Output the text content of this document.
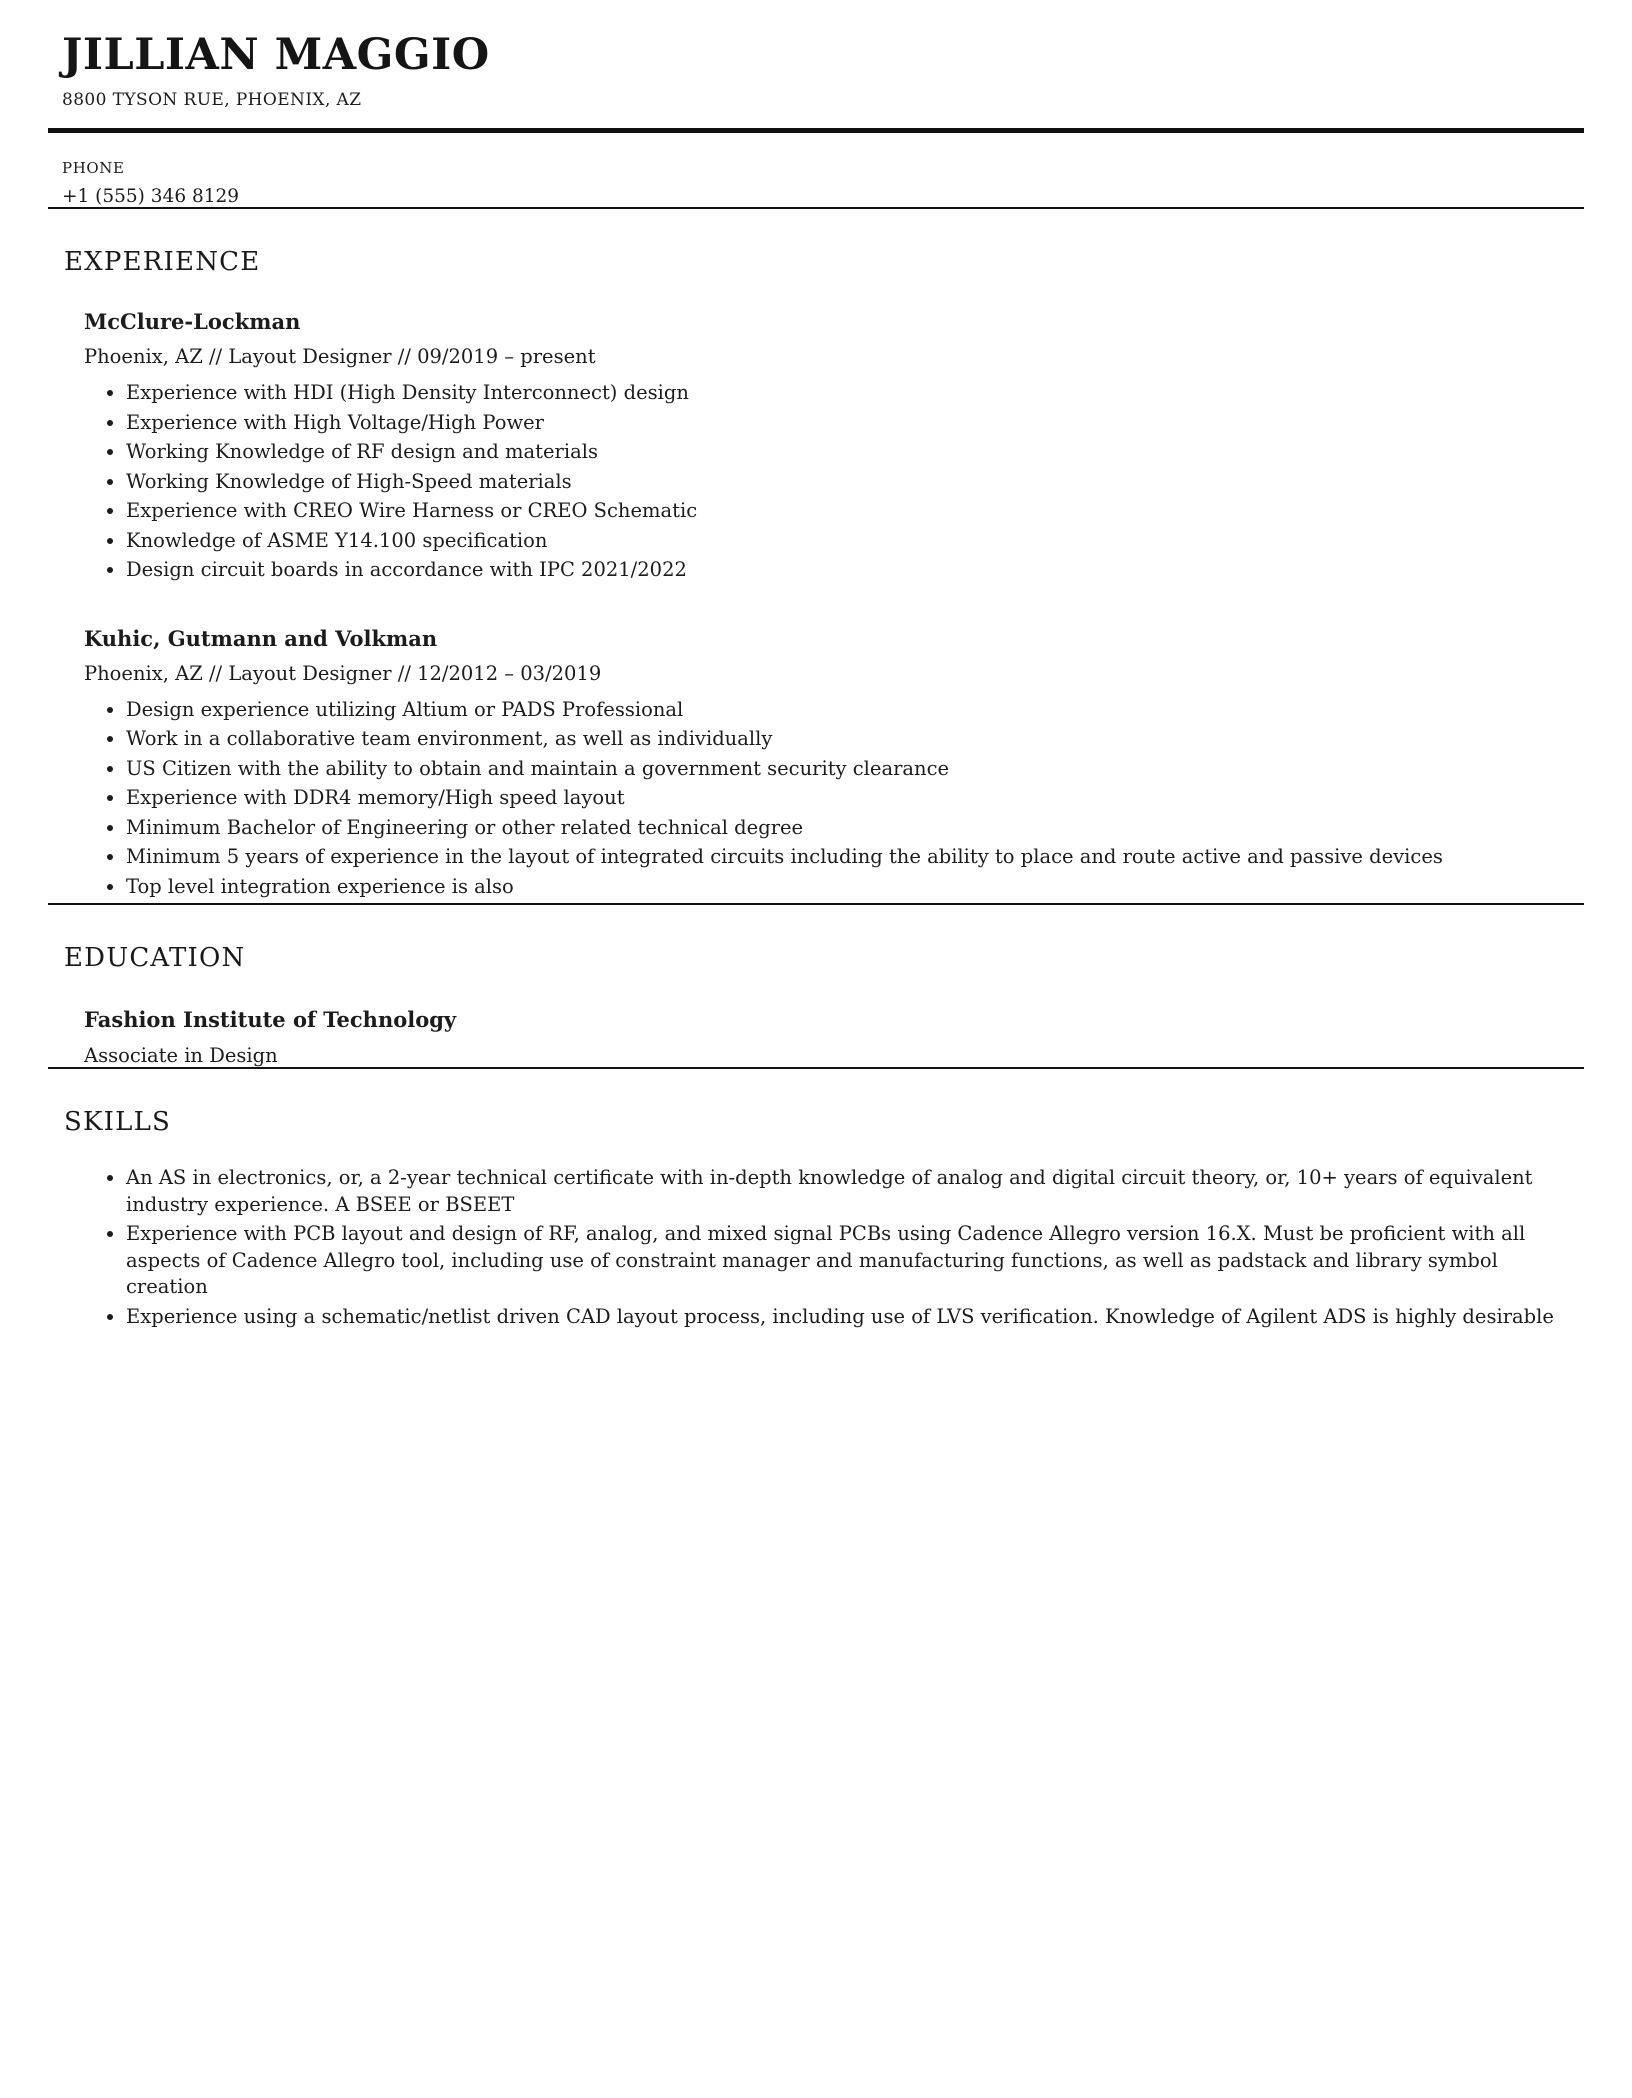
JILLIAN MAGGIO
8800 TYSON RUE, PHOENIX, AZ
PHONE
+1 (555) 346 8129
EXPERIENCE
McClure-Lockman
Phoenix, AZ // Layout Designer // 09/2019 – present
• Experience with HDI (High Density Interconnect) design
• Experience with High Voltage/High Power
• Working Knowledge of RF design and materials
• Working Knowledge of High-Speed materials
• Experience with CREO Wire Harness or CREO Schematic
• Knowledge of ASME Y14.100 specification
• Design circuit boards in accordance with IPC 2021/2022
Kuhic, Gutmann and Volkman
Phoenix, AZ // Layout Designer // 12/2012 – 03/2019
• Design experience utilizing Altium or PADS Professional
• Work in a collaborative team environment, as well as individually
• US Citizen with the ability to obtain and maintain a government security clearance
• Experience with DDR4 memory/High speed layout
• Minimum Bachelor of Engineering or other related technical degree
• Minimum 5 years of experience in the layout of integrated circuits including the ability to place and route active and passive devices
• Top level integration experience is also
EDUCATION
Fashion Institute of Technology
Associate in Design
SKILLS
• An AS in electronics, or, a 2-year technical certificate with in-depth knowledge of analog and digital circuit theory, or, 10+ years of equivalent industry experience. A BSEE or BSEET
• Experience with PCB layout and design of RF, analog, and mixed signal PCBs using Cadence Allegro version 16.X. Must be proficient with all aspects of Cadence Allegro tool, including use of constraint manager and manufacturing functions, as well as padstack and library symbol creation
• Experience using a schematic/netlist driven CAD layout process, including use of LVS verification. Knowledge of Agilent ADS is highly desirable
